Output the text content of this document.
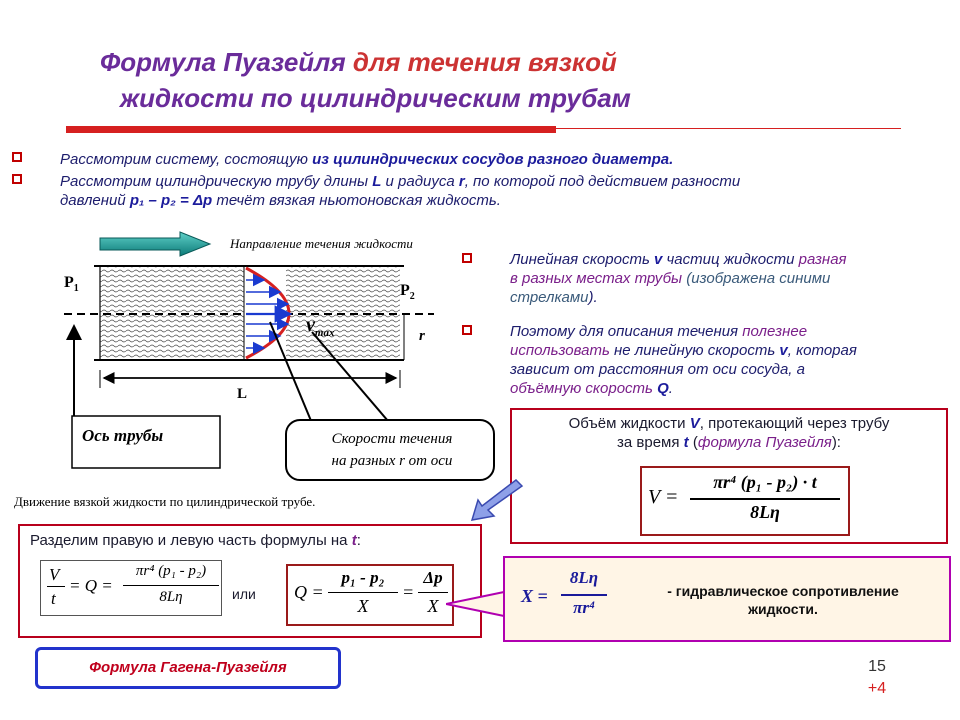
Формула Пуазейля для течения вязкой
жидкости по цилиндрическим трубам
Рассмотрим систему, состоящую из цилиндрических сосудов разного диаметра.
Рассмотрим цилиндрическую трубу длины L и радиуса r, по которой под действием разности
давлений p₁ – p₂ = Δp течёт вязкая ньютоновская жидкость.
Направление течения жидкости
$P_1$	$P_2$
$v_{max}$	r
L
Ось трубы	Скорости течения
на разных r от оси
Движение вязкой жидкости по цилиндрической трубе.
Линейная скорость v частиц жидкости разная
в разных местах трубы (изображена синими
стрелками).
Поэтому для описания течения полезнее
использовать не линейную скорость v, которая
зависит от расстояния от оси сосуда, а
объёмную скорость Q.
Объём жидкости V, протекающий через трубу
за время t (формула Пуазейля):
V =
πr⁴ (p₁ - p₂) · t
8Lη
Разделим правую и левую часть формулы на t:
V
t
= Q =
πr⁴ (p₁ - p₂)
8Lη	или Q =
p₁ - p₂
X
=
Δp
X	X =
8Lη
πr⁴
- гидравлическое сопротивление
жидкости.
Формула Гагена-Пуазейля	15
+4
